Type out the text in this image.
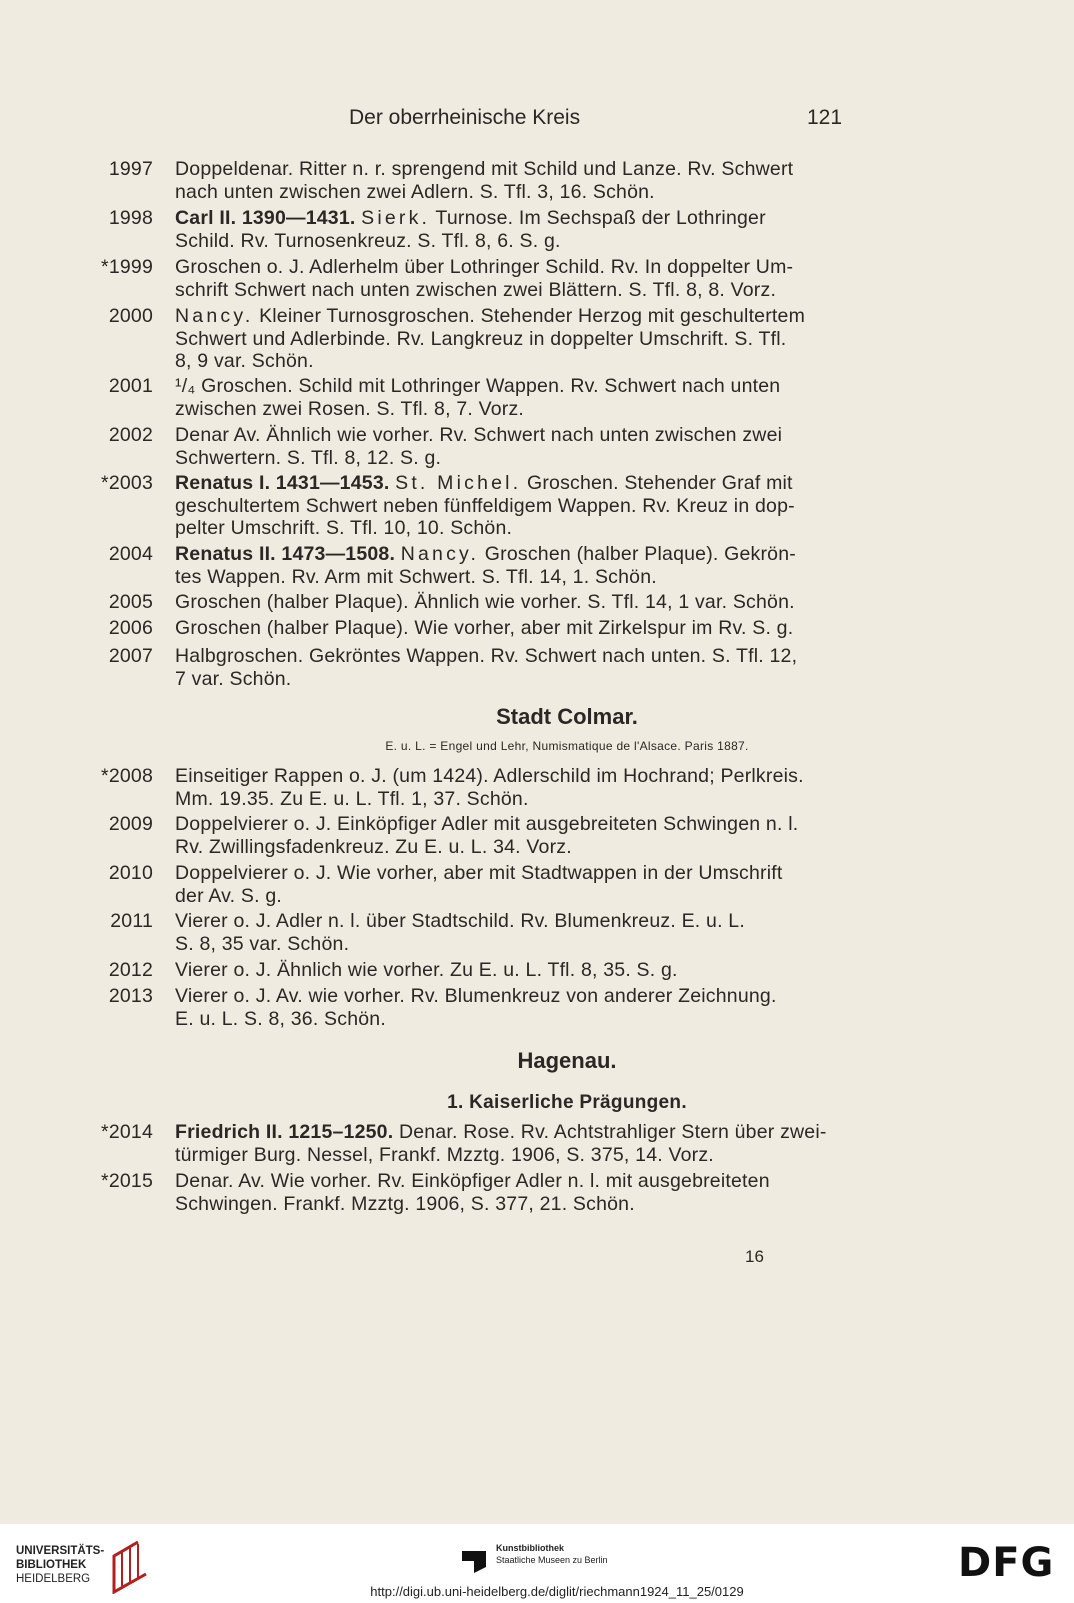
Der oberrheinische Kreis	121
1997 Doppeldenar. Ritter n. r. sprengend mit Schild und Lanze. Rv. Schwert
nach unten zwischen zwei Adlern. S. Tfl. 3, 16. Schön.
1998 Carl II. 1390—1431. Sierk. Turnose. Im Sechspaß der Lothringer
Schild. Rv. Turnosenkreuz. S. Tfl. 8, 6. S. g.
*1999 Groschen o. J. Adlerhelm über Lothringer Schild. Rv. In doppelter Um-
schrift Schwert nach unten zwischen zwei Blättern. S. Tfl. 8, 8. Vorz.
2000 Nancy. Kleiner Turnosgroschen. Stehender Herzog mit geschultertem
Schwert und Adlerbinde. Rv. Langkreuz in doppelter Umschrift. S. Tfl.
8, 9 var. Schön.
2001 ¹/₄ Groschen. Schild mit Lothringer Wappen. Rv. Schwert nach unten
zwischen zwei Rosen. S. Tfl. 8, 7. Vorz.
2002 Denar Av. Ähnlich wie vorher. Rv. Schwert nach unten zwischen zwei
Schwertern. S. Tfl. 8, 12. S. g.
*2003 Renatus I. 1431—1453. St. Michel. Groschen. Stehender Graf mit
geschultertem Schwert neben fünffeldigem Wappen. Rv. Kreuz in dop-
pelter Umschrift. S. Tfl. 10, 10. Schön.
2004 Renatus II. 1473—1508. Nancy. Groschen (halber Plaque). Gekrön-
tes Wappen. Rv. Arm mit Schwert. S. Tfl. 14, 1. Schön.
2005 Groschen (halber Plaque). Ähnlich wie vorher. S. Tfl. 14, 1 var. Schön.
2006 Groschen (halber Plaque). Wie vorher, aber mit Zirkelspur im Rv. S. g.
2007 Halbgroschen. Gekröntes Wappen. Rv. Schwert nach unten. S. Tfl. 12,
7 var. Schön.
*2008 Einseitiger Rappen o. J. (um 1424). Adlerschild im Hochrand; Perlkreis.
Mm. 19.35. Zu E. u. L. Tfl. 1, 37. Schön.
2009 Doppelvierer o. J. Einköpfiger Adler mit ausgebreiteten Schwingen n. l.
Rv. Zwillingsfadenkreuz. Zu E. u. L. 34. Vorz.
2010 Doppelvierer o. J. Wie vorher, aber mit Stadtwappen in der Umschrift
der Av. S. g.
2011 Vierer o. J. Adler n. l. über Stadtschild. Rv. Blumenkreuz. E. u. L.
S. 8, 35 var. Schön.
2012 Vierer o. J. Ähnlich wie vorher. Zu E. u. L. Tfl. 8, 35. S. g.
2013 Vierer o. J. Av. wie vorher. Rv. Blumenkreuz von anderer Zeichnung.
E. u. L. S. 8, 36. Schön.
*2014 Friedrich II. 1215–1250. Denar. Rose. Rv. Achtstrahliger Stern über zwei-
türmiger Burg. Nessel, Frankf. Mzztg. 1906, S. 375, 14. Vorz.
*2015 Denar. Av. Wie vorher. Rv. Einköpfiger Adler n. l. mit ausgebreiteten
Schwingen. Frankf. Mzztg. 1906, S. 377, 21. Schön.
Stadt Colmar.
E. u. L. = Engel und Lehr, Numismatique de l'Alsace. Paris 1887.
Hagenau.
1. Kaiserliche Prägungen.
16
UNIVERSITÄTS-
BIBLIOTHEK
HEIDELBERG
Kunstbibliothek
Staatliche Museen zu Berlin	DFG
http://digi.ub.uni-heidelberg.de/diglit/riechmann1924_11_25/0129
